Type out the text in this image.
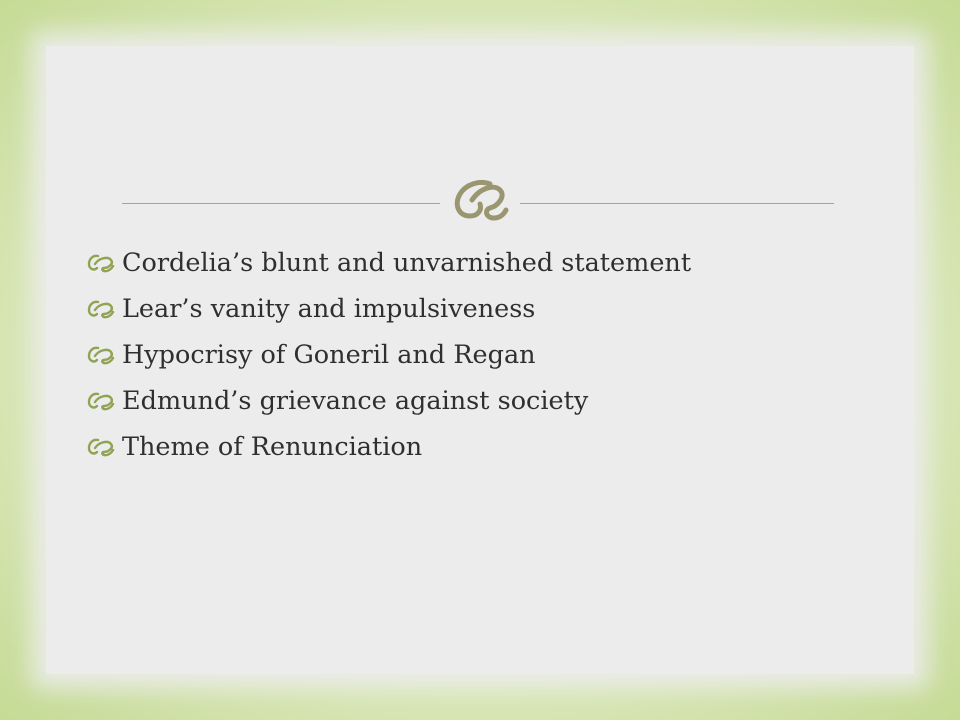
Cordelia’s blunt and unvarnished statement
Lear’s vanity and impulsiveness
Hypocrisy of Goneril and Regan
Edmund’s grievance against society
Theme of Renunciation
